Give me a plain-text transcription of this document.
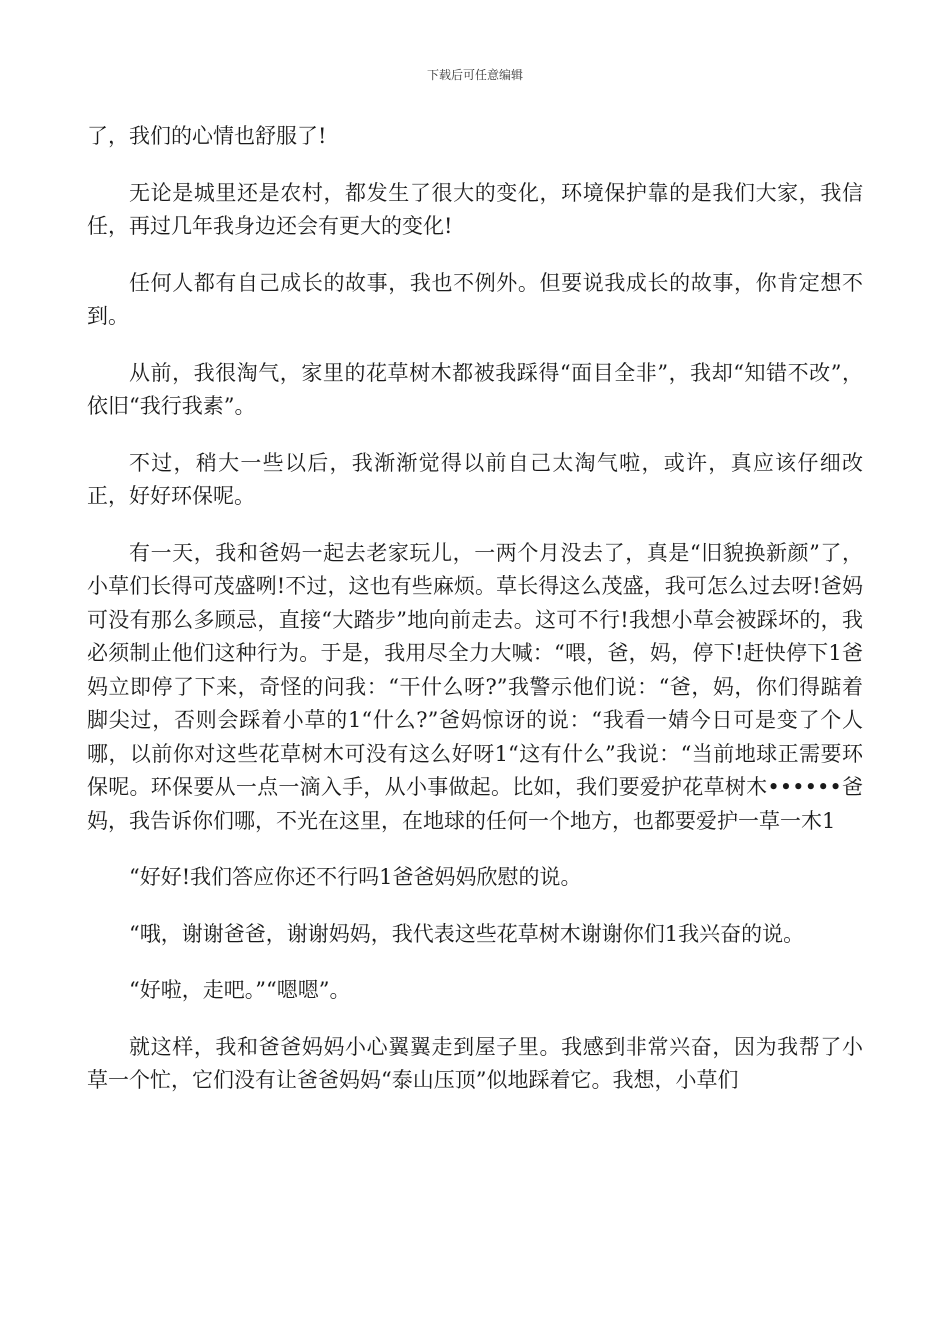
下载后可任意编辑

了，我们的心情也舒服了!

无论是城里还是农村，都发生了很大的变化，环境保护靠的是我们大家，我信任，再过几年我身边还会有更大的变化!

任何人都有自己成长的故事，我也不例外。但要说我成长的故事，你肯定想不到。

从前，我很淘气，家里的花草树木都被我踩得“面目全非”，我却“知错不改”，依旧“我行我素”。

不过，稍大一些以后，我渐渐觉得以前自己太淘气啦，或许，真应该仔细改正，好好环保呢。

有一天，我和爸妈一起去老家玩儿，一两个月没去了，真是“旧貌换新颜”了，小草们长得可茂盛咧!不过，这也有些麻烦。草长得这么茂盛，我可怎么过去呀!爸妈可没有那么多顾忌，直接“大踏步”地向前走去。这可不行!我想小草会被踩坏的，我必须制止他们这种行为。于是，我用尽全力大喊：“喂，爸，妈，停下!赶快停下1爸妈立即停了下来，奇怪的问我：“干什么呀?”我警示他们说：“爸，妈，你们得踮着脚尖过，否则会踩着小草的1“什么?”爸妈惊讶的说：“我看一婧今日可是变了个人哪，以前你对这些花草树木可没有这么好呀1“这有什么”我说：“当前地球正需要环保呢。环保要从一点一滴入手，从小事做起。比如，我们要爱护花草树木••••••爸妈，我告诉你们哪，不光在这里，在地球的任何一个地方，也都要爱护一草一木1

“好好!我们答应你还不行吗1爸爸妈妈欣慰的说。

“哦，谢谢爸爸，谢谢妈妈，我代表这些花草树木谢谢你们1我兴奋的说。

“好啦，走吧。”“嗯嗯”。

就这样，我和爸爸妈妈小心翼翼走到屋子里。我感到非常兴奋，因为我帮了小草一个忙，它们没有让爸爸妈妈“泰山压顶”似地踩着它。我想，小草们
